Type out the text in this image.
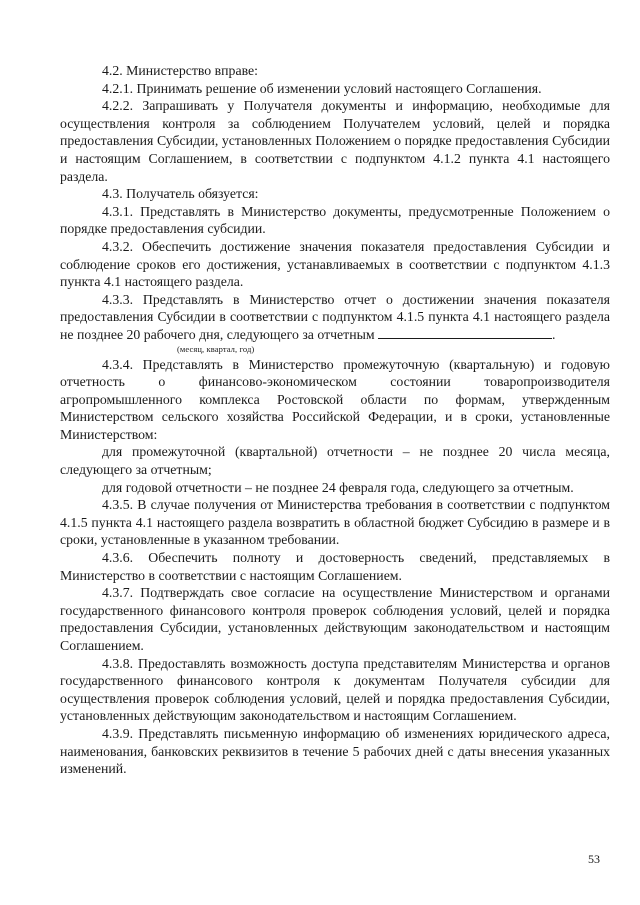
4.2. Министерство вправе:

4.2.1. Принимать решение об изменении условий настоящего Соглашения.

4.2.2. Запрашивать у Получателя документы и информацию, необходимые для осуществления контроля за соблюдением Получателем условий, целей и порядка предоставления Субсидии, установленных Положением о порядке предоставления Субсидии и настоящим Соглашением, в соответствии с подпунктом 4.1.2 пункта 4.1 настоящего раздела.

4.3. Получатель обязуется:

4.3.1. Представлять в Министерство документы, предусмотренные Положением о порядке предоставления субсидии.

4.3.2. Обеспечить достижение значения показателя предоставления Субсидии и соблюдение сроков его достижения, устанавливаемых в соответствии с подпунктом 4.1.3 пункта 4.1 настоящего раздела.

4.3.3. Представлять в Министерство отчет о достижении значения показателя предоставления Субсидии в соответствии с подпунктом 4.1.5 пункта 4.1 настоящего раздела не позднее 20 рабочего дня, следующего за отчетным	.

(месяц, квартал, год)

4.3.4. Представлять в Министерство промежуточную (квартальную) и годовую отчетность о финансово-экономическом состоянии товаропроизводителя агропромышленного комплекса Ростовской области по формам, утвержденным Министерством сельского хозяйства Российской Федерации, и в сроки, установленные Министерством:

для промежуточной (квартальной) отчетности – не позднее 20 числа месяца, следующего за отчетным;

для годовой отчетности – не позднее 24 февраля года, следующего за отчетным.

4.3.5. В случае получения от Министерства требования в соответствии с подпунктом 4.1.5 пункта 4.1 настоящего раздела возвратить в областной бюджет Субсидию в размере и в сроки, установленные в указанном требовании.

4.3.6. Обеспечить полноту и достоверность сведений, представляемых в Министерство в соответствии с настоящим Соглашением.

4.3.7. Подтверждать свое согласие на осуществление Министерством и органами государственного финансового контроля проверок соблюдения условий, целей и порядка предоставления Субсидии, установленных действующим законодательством и настоящим Соглашением.

4.3.8. Предоставлять возможность доступа представителям Министерства и органов государственного финансового контроля к документам Получателя субсидии для осуществления проверок соблюдения условий, целей и порядка предоставления Субсидии, установленных действующим законодательством и настоящим Соглашением.

4.3.9. Представлять письменную информацию об изменениях юридического адреса, наименования, банковских реквизитов в течение 5 рабочих дней с даты внесения указанных изменений.

53
